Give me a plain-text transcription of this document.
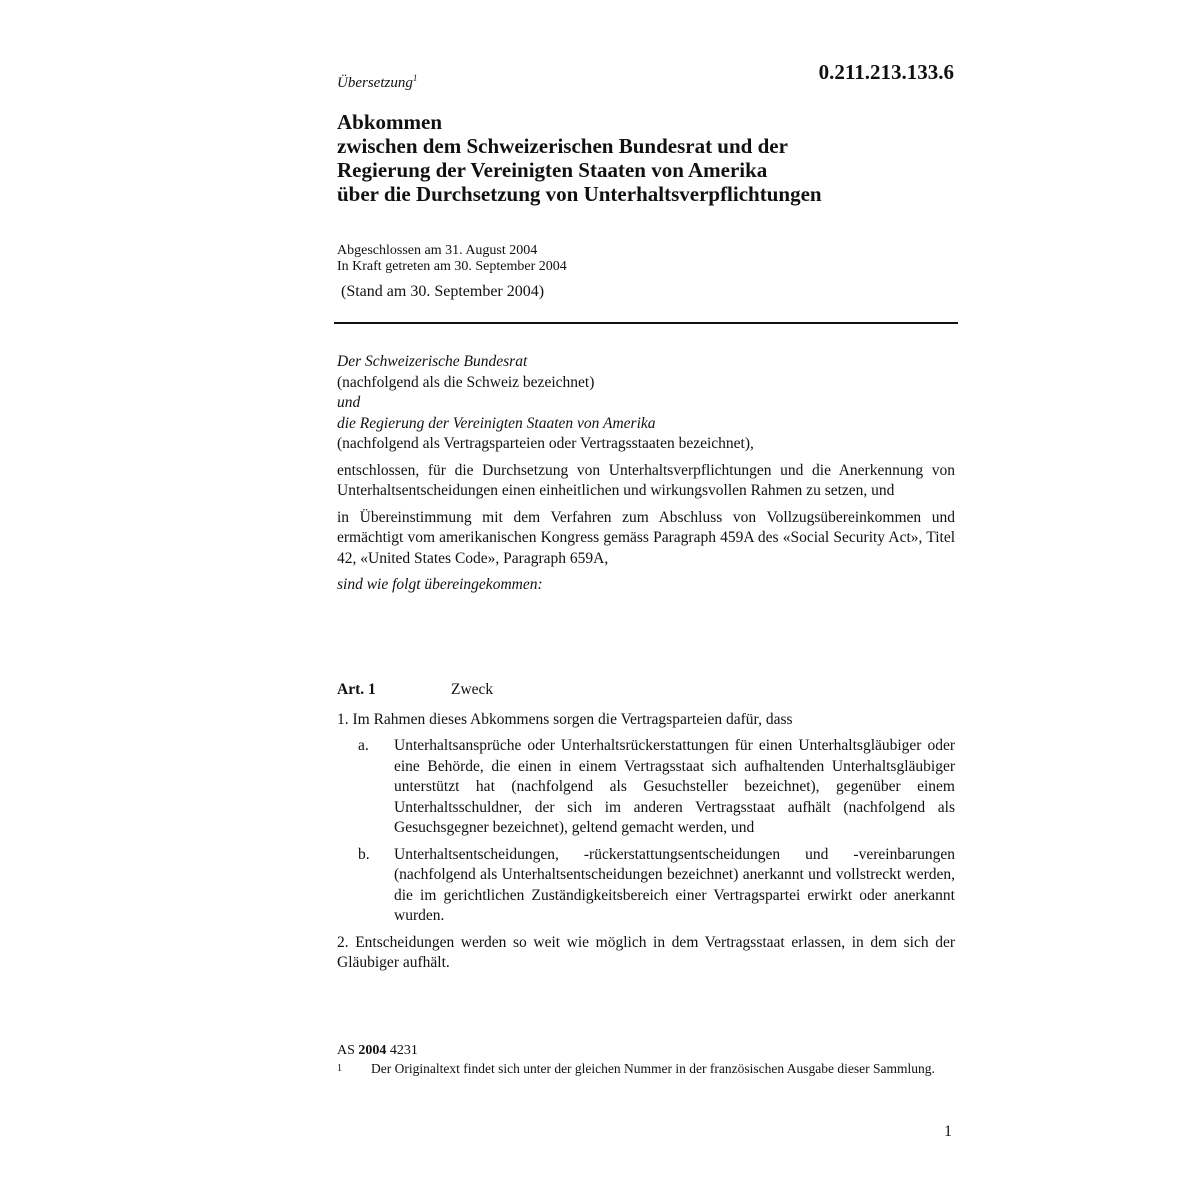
0.211.213.133.6
Übersetzung$^1$
Abkommen
zwischen dem Schweizerischen Bundesrat und der
Regierung der Vereinigten Staaten von Amerika
über die Durchsetzung von Unterhaltsverpflichtungen
Abgeschlossen am 31. August 2004
In Kraft getreten am 30. September 2004
(Stand am 30. September 2004)

Der Schweizerische Bundesrat

(nachfolgend als die Schweiz bezeichnet)

und

die Regierung der Vereinigten Staaten von Amerika

(nachfolgend als Vertragsparteien oder Vertragsstaaten bezeichnet),

entschlossen, für die Durchsetzung von Unterhaltsverpflichtungen und die Anerkennung von Unterhaltsentscheidungen einen einheitlichen und wirkungsvollen Rahmen zu setzen, und

in Übereinstimmung mit dem Verfahren zum Abschluss von Vollzugsübereinkommen und ermächtigt vom amerikanischen Kongress gemäss Paragraph 459A des «Social Security Act», Titel 42, «United States Code», Paragraph 659A,

sind wie folgt übereingekommen:

Art. 1	Zweck

1. Im Rahmen dieses Abkommens sorgen die Vertragsparteien dafür, dass

a.	Unterhaltsansprüche oder Unterhaltsrückerstattungen für einen Unterhaltsgläubiger oder eine Behörde, die einen in einem Vertragsstaat sich aufhaltenden Unterhaltsgläubiger unterstützt hat (nachfolgend als Gesuchsteller bezeichnet), gegenüber einem Unterhaltsschuldner, der sich im anderen Vertragsstaat aufhält (nachfolgend als Gesuchsgegner bezeichnet), geltend gemacht werden, und
b.	Unterhaltsentscheidungen, -rückerstattungsentscheidungen und -vereinbarungen (nachfolgend als Unterhaltsentscheidungen bezeichnet) anerkannt und vollstreckt werden, die im gerichtlichen Zuständigkeitsbereich einer Vertragspartei erwirkt oder anerkannt wurden.

2. Entscheidungen werden so weit wie möglich in dem Vertragsstaat erlassen, in dem sich der Gläubiger aufhält.

AS 2004 4231
1	Der Originaltext findet sich unter der gleichen Nummer in der französischen Ausgabe dieser Sammlung.
1
